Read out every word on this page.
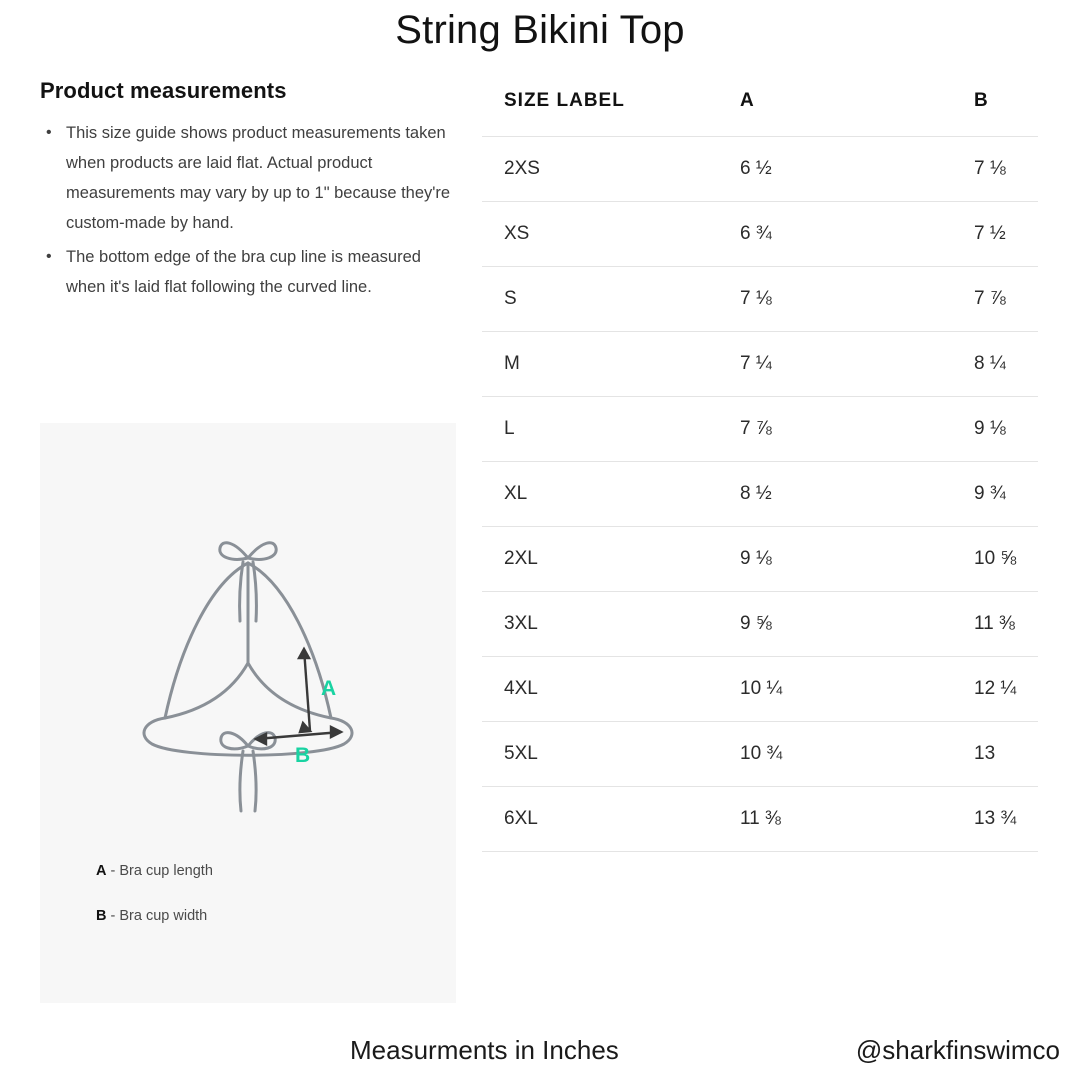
String Bikini Top
Product measurements
• This size guide shows product measurements taken when products are laid flat. Actual product measurements may vary by up to 1" because they're custom-made by hand.
• The bottom edge of the bra cup line is measured when it's laid flat following the curved line.
A
B
A - Bra cup length
B - Bra cup width
SIZE LABEL	A	B
2XS	6 ½	7 ⅛
XS	6 ¾	7 ½
S	7 ⅛	7 ⅞
M	7 ¼	8 ¼
L	7 ⅞	9 ⅛
XL	8 ½	9 ¾
2XL	9 ⅛	10 ⅝
3XL	9 ⅝	11 ⅜
4XL	10 ¼	12 ¼
5XL	10 ¾	13
6XL	11 ⅜	13 ¾
Measurments in Inches	@sharkfinswimco
